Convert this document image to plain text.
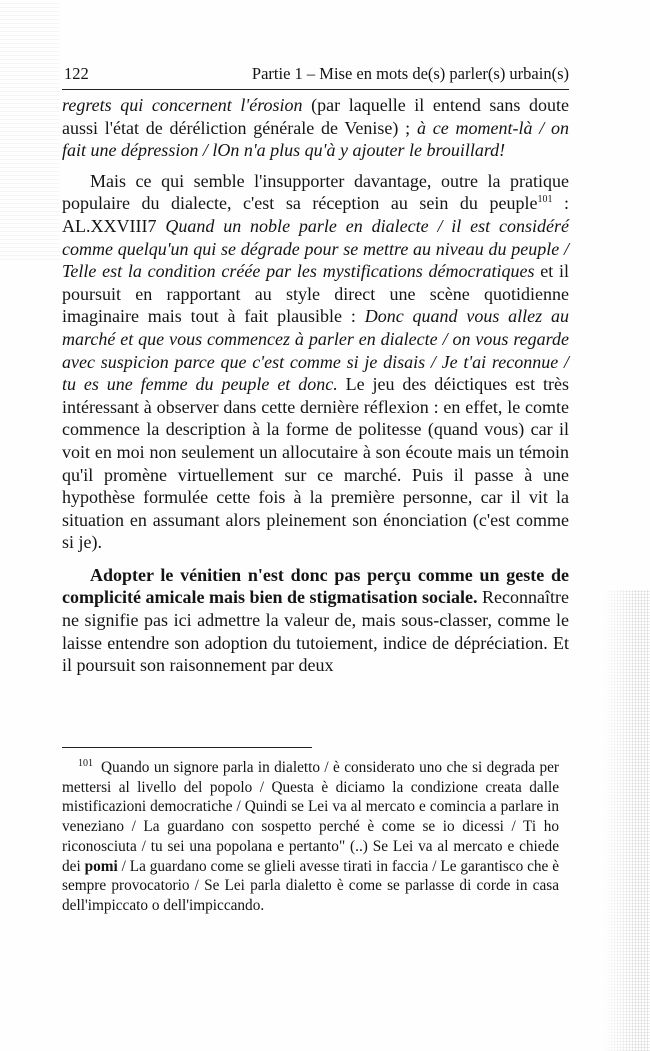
122	Partie 1 – Mise en mots de(s) parler(s) urbain(s)

regrets qui concernent l'érosion (par laquelle il entend sans doute aussi l'état de déréliction générale de Venise) ; à ce moment-là / on fait une dépression / lOn n'a plus qu'à y ajouter le brouillard!

Mais ce qui semble l'insupporter davantage, outre la pratique populaire du dialecte, c'est sa réception au sein du peuple$^{101}$ : AL.XXVIII7 Quand un noble parle en dialecte / il est considéré comme quelqu'un qui se dégrade pour se mettre au niveau du peuple / Telle est la condition créée par les mystifications démocratiques et il poursuit en rapportant au style direct une scène quotidienne imaginaire mais tout à fait plausible : Donc quand vous allez au marché et que vous commencez à parler en dialecte / on vous regarde avec suspicion parce que c'est comme si je disais / Je t'ai reconnue / tu es une femme du peuple et donc. Le jeu des déictiques est très intéressant à observer dans cette dernière réflexion : en effet, le comte commence la description à la forme de politesse (quand vous) car il voit en moi non seulement un allocutaire à son écoute mais un témoin qu'il promène virtuellement sur ce marché. Puis il passe à une hypothèse formulée cette fois à la première personne, car il vit la situation en assumant alors pleinement son énonciation (c'est comme si je).

Adopter le vénitien n'est donc pas perçu comme un geste de complicité amicale mais bien de stigmatisation sociale. Reconnaître ne signifie pas ici admettre la valeur de, mais sous-classer, comme le laisse entendre son adoption du tutoiement, indice de dépréciation. Et il poursuit son raisonnement par deux

$^{101}$ Quando un signore parla in dialetto / è considerato uno che si degrada per mettersi al livello del popolo / Questa è diciamo la condizione creata dalle mistificazioni democratiche / Quindi se Lei va al mercato e comincia a parlare in veneziano / La guardano con sospetto perché è come se io dicessi / Ti ho riconosciuta / tu sei una popolana e pertanto" (..) Se Lei va al mercato e chiede dei pomi / La guardano come se glieli avesse tirati in faccia / Le garantisco che è sempre provocatorio / Se Lei parla dialetto è come se parlasse di corde in casa dell'impiccato o dell'impiccando.
